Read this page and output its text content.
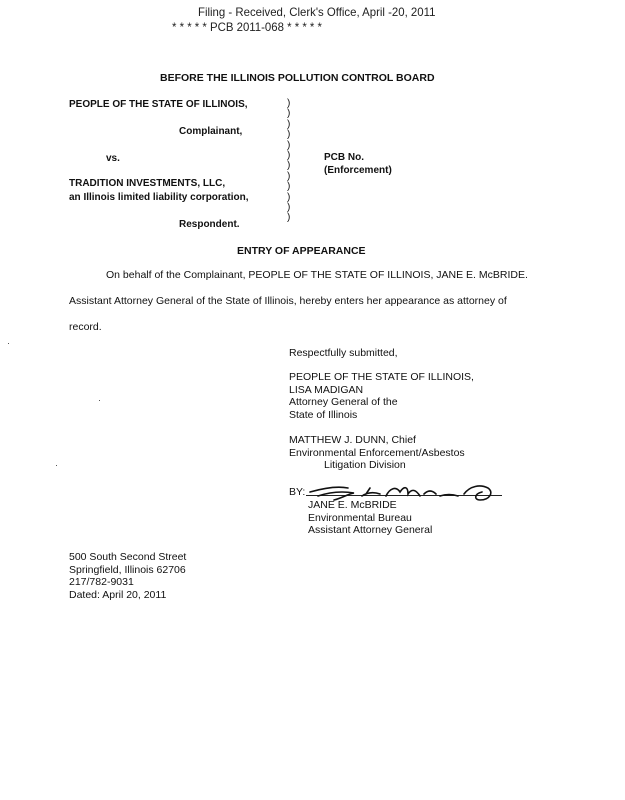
Filing - Received, Clerk's Office, April -20, 2011
* * * * * PCB 2011-068 * * * * *
BEFORE THE ILLINOIS POLLUTION CONTROL BOARD
PEOPLE OF THE STATE OF ILLINOIS,
Complainant,
vs.
TRADITION INVESTMENTS, LLC,
an Illinois limited liability corporation,
Respondent.
)
)
)
)
)
)
)
)
)
)
)
)
PCB No.
(Enforcement)
ENTRY OF APPEARANCE
On behalf of the Complainant, PEOPLE OF THE STATE OF ILLINOIS, JANE E. McBRIDE.
Assistant Attorney General of the State of Illinois, hereby enters her appearance as attorney of
record.
Respectfully submitted,
PEOPLE OF THE STATE OF ILLINOIS,
LISA MADIGAN
Attorney General of the
State of Illinois
MATTHEW J. DUNN, Chief
Environmental Enforcement/Asbestos
Litigation Division
BY:
JANE E. McBRIDE
Environmental Bureau
Assistant Attorney General
500 South Second Street
Springfield, Illinois 62706
217/782-9031
Dated: April 20, 2011
